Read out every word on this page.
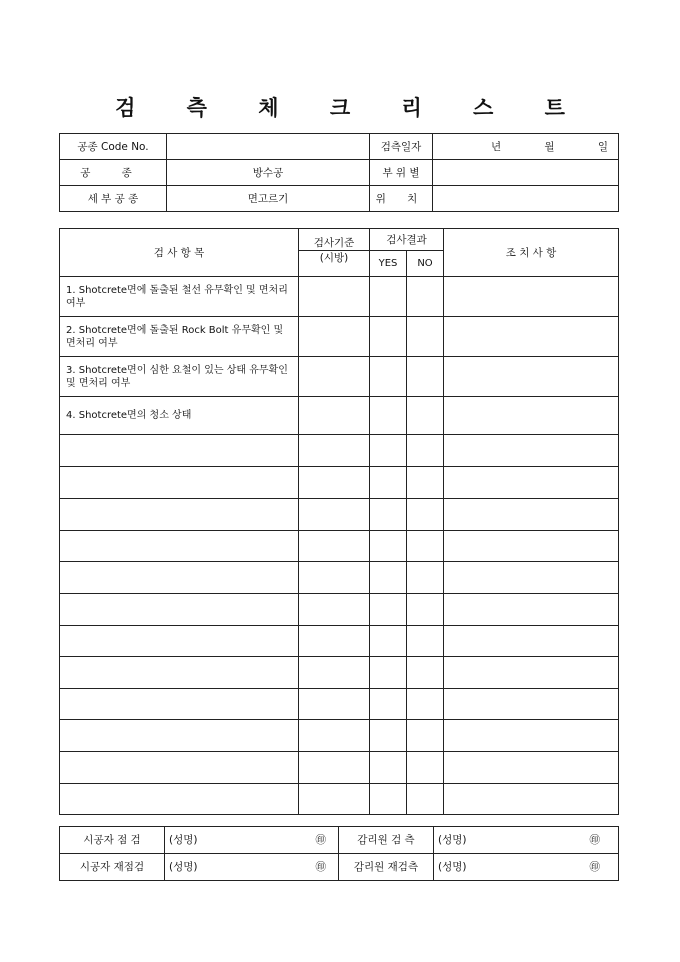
검 측 체 크 리 스 트
공종 Code No.		검측일자	년 월 일

공 종	방수공	부 위 별	
세 부 공 종	면고르기	위 치	
검 사 항 목	검사기준	검사결과		조 치 사 항
	(시방)	YES	NO	
1. Shotcrete면에 돌출된 철선 유무확인 및 면처리 여부				
2. Shotcrete면에 돌출된 Rock Bolt 유무확인 및 면처리 여부				
3. Shotcrete면이 심한 요철이 있는 상태 유무확인 및 면처리 여부				
4. Shotcrete면의 청소 상태				

시공자 점 검	(성명) ㊞	감리원 검 측	(성명) ㊞

시공자 재점검	(성명) ㊞	감리원 재검측	(성명) ㊞
